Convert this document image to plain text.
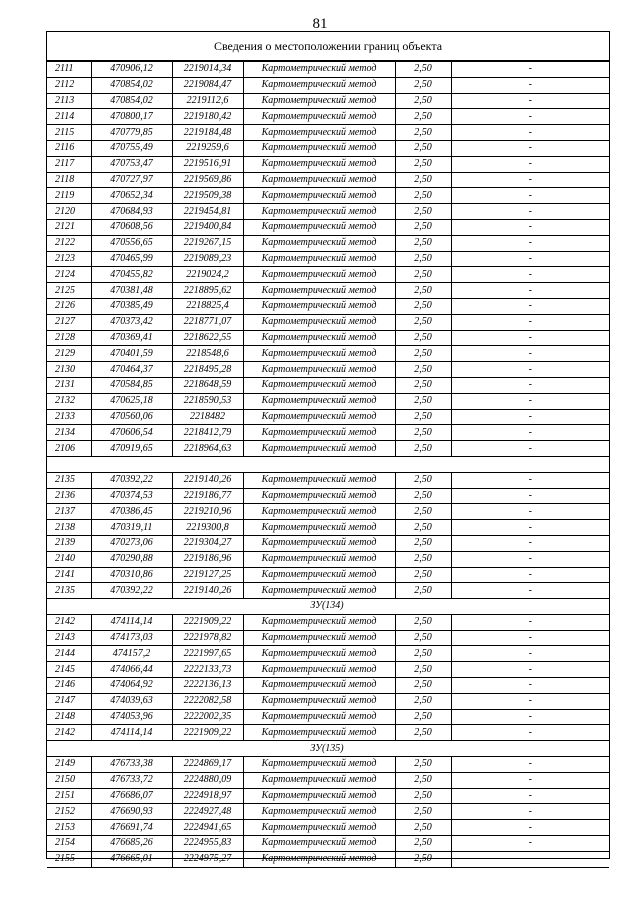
81
Сведения о местоположении границ объекта
2111	470906,12	2219014,34	Картометрический метод	2,50	-
2112	470854,02	2219084,47	Картометрический метод	2,50	-
2113	470854,02	2219112,6	Картометрический метод	2,50	-
2114	470800,17	2219180,42	Картометрический метод	2,50	-
2115	470779,85	2219184,48	Картометрический метод	2,50	-
2116	470755,49	2219259,6	Картометрический метод	2,50	-
2117	470753,47	2219516,91	Картометрический метод	2,50	-
2118	470727,97	2219569,86	Картометрический метод	2,50	-
2119	470652,34	2219509,38	Картометрический метод	2,50	-
2120	470684,93	2219454,81	Картометрический метод	2,50	-
2121	470608,56	2219400,84	Картометрический метод	2,50	-
2122	470556,65	2219267,15	Картометрический метод	2,50	-
2123	470465,99	2219089,23	Картометрический метод	2,50	-
2124	470455,82	2219024,2	Картометрический метод	2,50	-
2125	470381,48	2218895,62	Картометрический метод	2,50	-
2126	470385,49	2218825,4	Картометрический метод	2,50	-
2127	470373,42	2218771,07	Картометрический метод	2,50	-
2128	470369,41	2218622,55	Картометрический метод	2,50	-
2129	470401,59	2218548,6	Картометрический метод	2,50	-
2130	470464,37	2218495,28	Картометрический метод	2,50	-
2131	470584,85	2218648,59	Картометрический метод	2,50	-
2132	470625,18	2218590,53	Картометрический метод	2,50	-
2133	470560,06	2218482	Картометрический метод	2,50	-
2134	470606,54	2218412,79	Картометрический метод	2,50	-
2106	470919,65	2218964,63	Картометрический метод	2,50	-

2135	470392,22	2219140,26	Картометрический метод	2,50	-
2136	470374,53	2219186,77	Картометрический метод	2,50	-
2137	470386,45	2219210,96	Картометрический метод	2,50	-
2138	470319,11	2219300,8	Картометрический метод	2,50	-
2139	470273,06	2219304,27	Картометрический метод	2,50	-
2140	470290,88	2219186,96	Картометрический метод	2,50	-
2141	470310,86	2219127,25	Картометрический метод	2,50	-
2135	470392,22	2219140,26	Картометрический метод	2,50	-
ЗУ(134)					
2142	474114,14	2221909,22	Картометрический метод	2,50	-
2143	474173,03	2221978,82	Картометрический метод	2,50	-
2144	474157,2	2221997,65	Картометрический метод	2,50	-
2145	474066,44	2222133,73	Картометрический метод	2,50	-
2146	474064,92	2222136,13	Картометрический метод	2,50	-
2147	474039,63	2222082,58	Картометрический метод	2,50	-
2148	474053,96	2222002,35	Картометрический метод	2,50	-
2142	474114,14	2221909,22	Картометрический метод	2,50	-
ЗУ(135)					
2149	476733,38	2224869,17	Картометрический метод	2,50	-
2150	476733,72	2224880,09	Картометрический метод	2,50	-
2151	476686,07	2224918,97	Картометрический метод	2,50	-
2152	476690,93	2224927,48	Картометрический метод	2,50	-
2153	476691,74	2224941,65	Картометрический метод	2,50	-
2154	476685,26	2224955,83	Картометрический метод	2,50	-
2155	476665,01	2224975,27	Картометрический метод	2,50	-
